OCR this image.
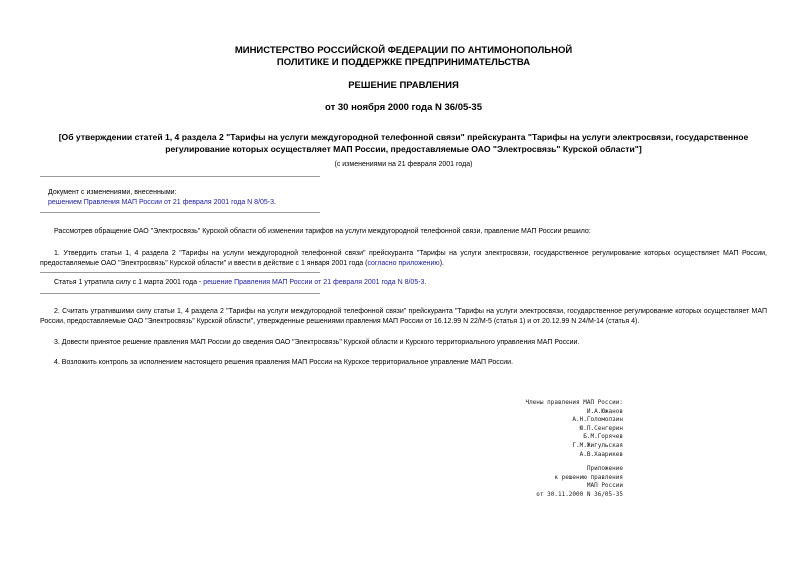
МИНИСТЕРСТВО РОССИЙСКОЙ ФЕДЕРАЦИИ ПО АНТИМОНОПОЛЬНОЙ
ПОЛИТИКЕ И ПОДДЕРЖКЕ ПРЕДПРИНИМАТЕЛЬСТВА
РЕШЕНИЕ ПРАВЛЕНИЯ
от 30 ноября 2000 года N 36/05-35
[Об утверждении статей 1, 4 раздела 2 "Тарифы на услуги междугородной телефонной связи" прейскуранта "Тарифы на услуги электросвязи, государственное
регулирование которых осуществляет МАП России, предоставляемые ОАО "Электросвязь" Курской области"]
(с изменениями на 21 февраля 2001 года)
Документ с изменениями, внесенными:
решением Правления МАП России от 21 февраля 2001 года N 8/05-3.
Рассмотрев обращение ОАО "Электросвязь" Курской области об изменении тарифов на услуги междугородной телефонной связи, правление МАП России решило:
1. Утвердить статьи 1, 4 раздела 2 "Тарифы на услуги междугородной телефонной связи" прейскуранта "Тарифы на услуги электросвязи, государственное регулирование которых осуществляет МАП России, предоставляемые ОАО "Электросвязь" Курской области" и ввести в действие с 1 января 2001 года (согласно приложению).
Статья 1 утратила силу с 1 марта 2001 года - решение Правления МАП России от 21 февраля 2001 года N 8/05-3.
2. Считать утратившими силу статьи 1, 4 раздела 2 "Тарифы на услуги междугородной телефонной связи" прейскуранта "Тарифы на услуги электросвязи, государственное регулирование которых осуществляет МАП России, предоставляемые ОАО "Электросвязь" Курской области", утвержденные решениями правления МАП России от 16.12.99 N 22/М-5 (статья 1) и от 20.12.99 N 24/М-14 (статья 4).
3. Довести принятое решение правления МАП России до сведения ОАО "Электросвязь" Курской области и Курского территориального управления МАП России.
4. Возложить контроль за исполнением настоящего решения правления МАП России на Курское территориальное управление МАП России.
Члены правления МАП России:
И.А.Южанов
А.Н.Голомолзин
Ю.П.Сенгерин
Б.М.Горячев
Г.М.Жигульская
А.В.Хаарикев
Приложение
к решению правления
МАП России
от 30.11.2000 N 36/05-35
